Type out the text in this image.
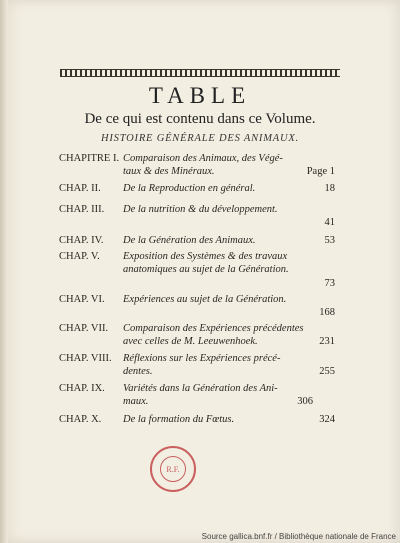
TABLE
De ce qui est contenu dans ce Volume.
HISTOIRE GÉNÉRALE DES ANIMAUX.
CHAPITRE I. Comparaison des Animaux, des Végé-
taux & des Minéraux.	Page 1
CHAP. II. De la Reproduction en général.	18
CHAP. III. De la nutrition & du développement.
41
CHAP. IV. De la Génération des Animaux.	53
CHAP. V. Exposition des Systèmes & des travaux
anatomiques au sujet de la Génération.
73
CHAP. VI. Expériences au sujet de la Génération.
168
CHAP. VII. Comparaison des Expériences précédentes
avec celles de M. Leeuwenhoek.	231
CHAP. VIII. Réflexions sur les Expériences précé-
dentes.	255
CHAP. IX. Variétés dans la Génération des Ani-
maux.	306
CHAP. X. De la formation du Fœtus.	324
R.F.
Source gallica.bnf.fr / Bibliothèque nationale de France
